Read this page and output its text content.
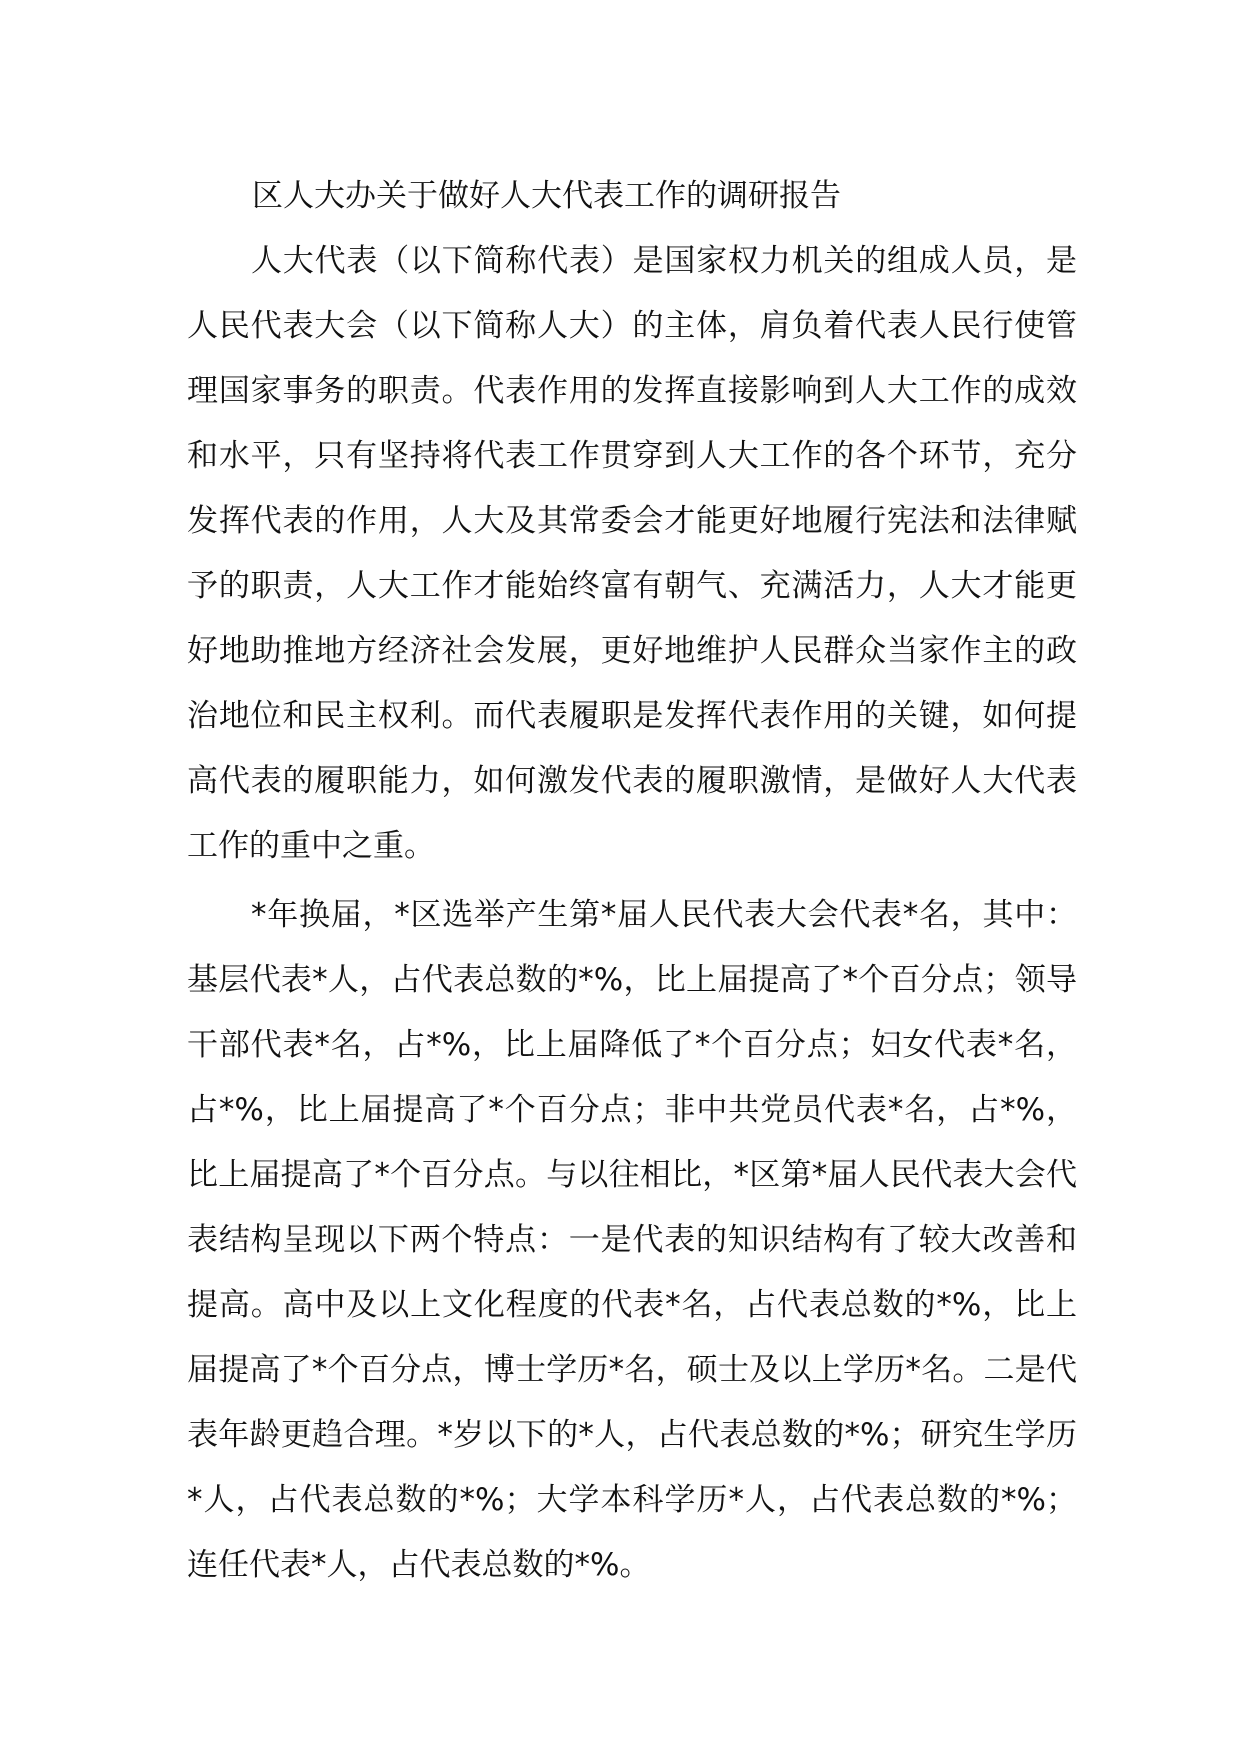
区人大办关于做好人大代表工作的调研报告

人大代表（以下简称代表）是国家权力机关的组成人员，是人民代表大会（以下简称人大）的主体，肩负着代表人民行使管理国家事务的职责。代表作用的发挥直接影响到人大工作的成效和水平，只有坚持将代表工作贯穿到人大工作的各个环节，充分发挥代表的作用，人大及其常委会才能更好地履行宪法和法律赋予的职责，人大工作才能始终富有朝气、充满活力，人大才能更好地助推地方经济社会发展，更好地维护人民群众当家作主的政治地位和民主权利。而代表履职是发挥代表作用的关键，如何提高代表的履职能力，如何激发代表的履职激情，是做好人大代表工作的重中之重。

*年换届，*区选举产生第*届人民代表大会代表*名，其中：基层代表*人，占代表总数的*%，比上届提高了*个百分点；领导干部代表*名，占*%，比上届降低了*个百分点；妇女代表*名，占*%，比上届提高了*个百分点；非中共党员代表*名，占*%，比上届提高了*个百分点。与以往相比，*区第*届人民代表大会代表结构呈现以下两个特点：一是代表的知识结构有了较大改善和提高。高中及以上文化程度的代表*名，占代表总数的*%，比上届提高了*个百分点，博士学历*名，硕士及以上学历*名。二是代表年龄更趋合理。*岁以下的*人，占代表总数的*%；研究生学历*人，占代表总数的*%；大学本科学历*人，占代表总数的*%；连任代表*人，占代表总数的*%。
